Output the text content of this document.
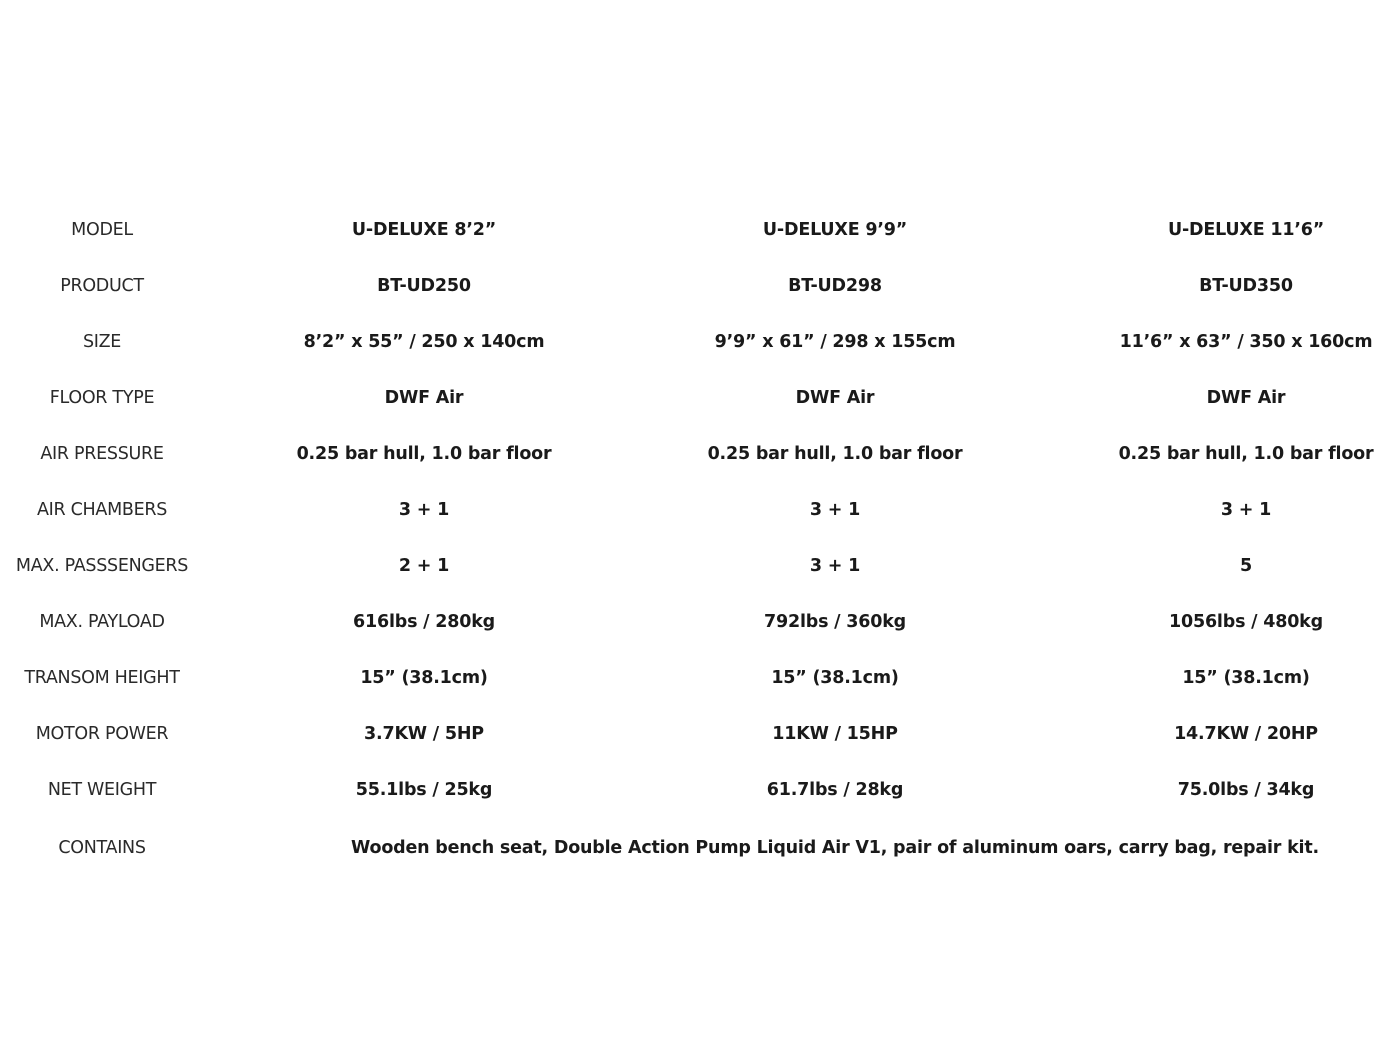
MODEL	U-DELUXE 8’2”	U-DELUXE 9’9”	U-DELUXE 11’6”
PRODUCT	BT-UD250	BT-UD298	BT-UD350
SIZE	8’2” x 55” / 250 x 140cm	9’9” x 61” / 298 x 155cm	11’6” x 63” / 350 x 160cm
FLOOR TYPE	DWF Air	DWF Air	DWF Air
AIR PRESSURE	0.25 bar hull, 1.0 bar floor	0.25 bar hull, 1.0 bar floor	0.25 bar hull, 1.0 bar floor
AIR CHAMBERS	3 + 1	3 + 1	3 + 1
MAX. PASSSENGERS	2 + 1	3 + 1	5
MAX. PAYLOAD	616lbs / 280kg	792lbs / 360kg	1056lbs / 480kg
TRANSOM HEIGHT	15” (38.1cm)	15” (38.1cm)	15” (38.1cm)
MOTOR POWER	3.7KW / 5HP	11KW / 15HP	14.7KW / 20HP
NET WEIGHT	55.1lbs / 25kg	61.7lbs / 28kg	75.0lbs / 34kg
CONTAINS	Wooden bench seat, Double Action Pump Liquid Air V1, pair of aluminum oars, carry bag, repair kit.
